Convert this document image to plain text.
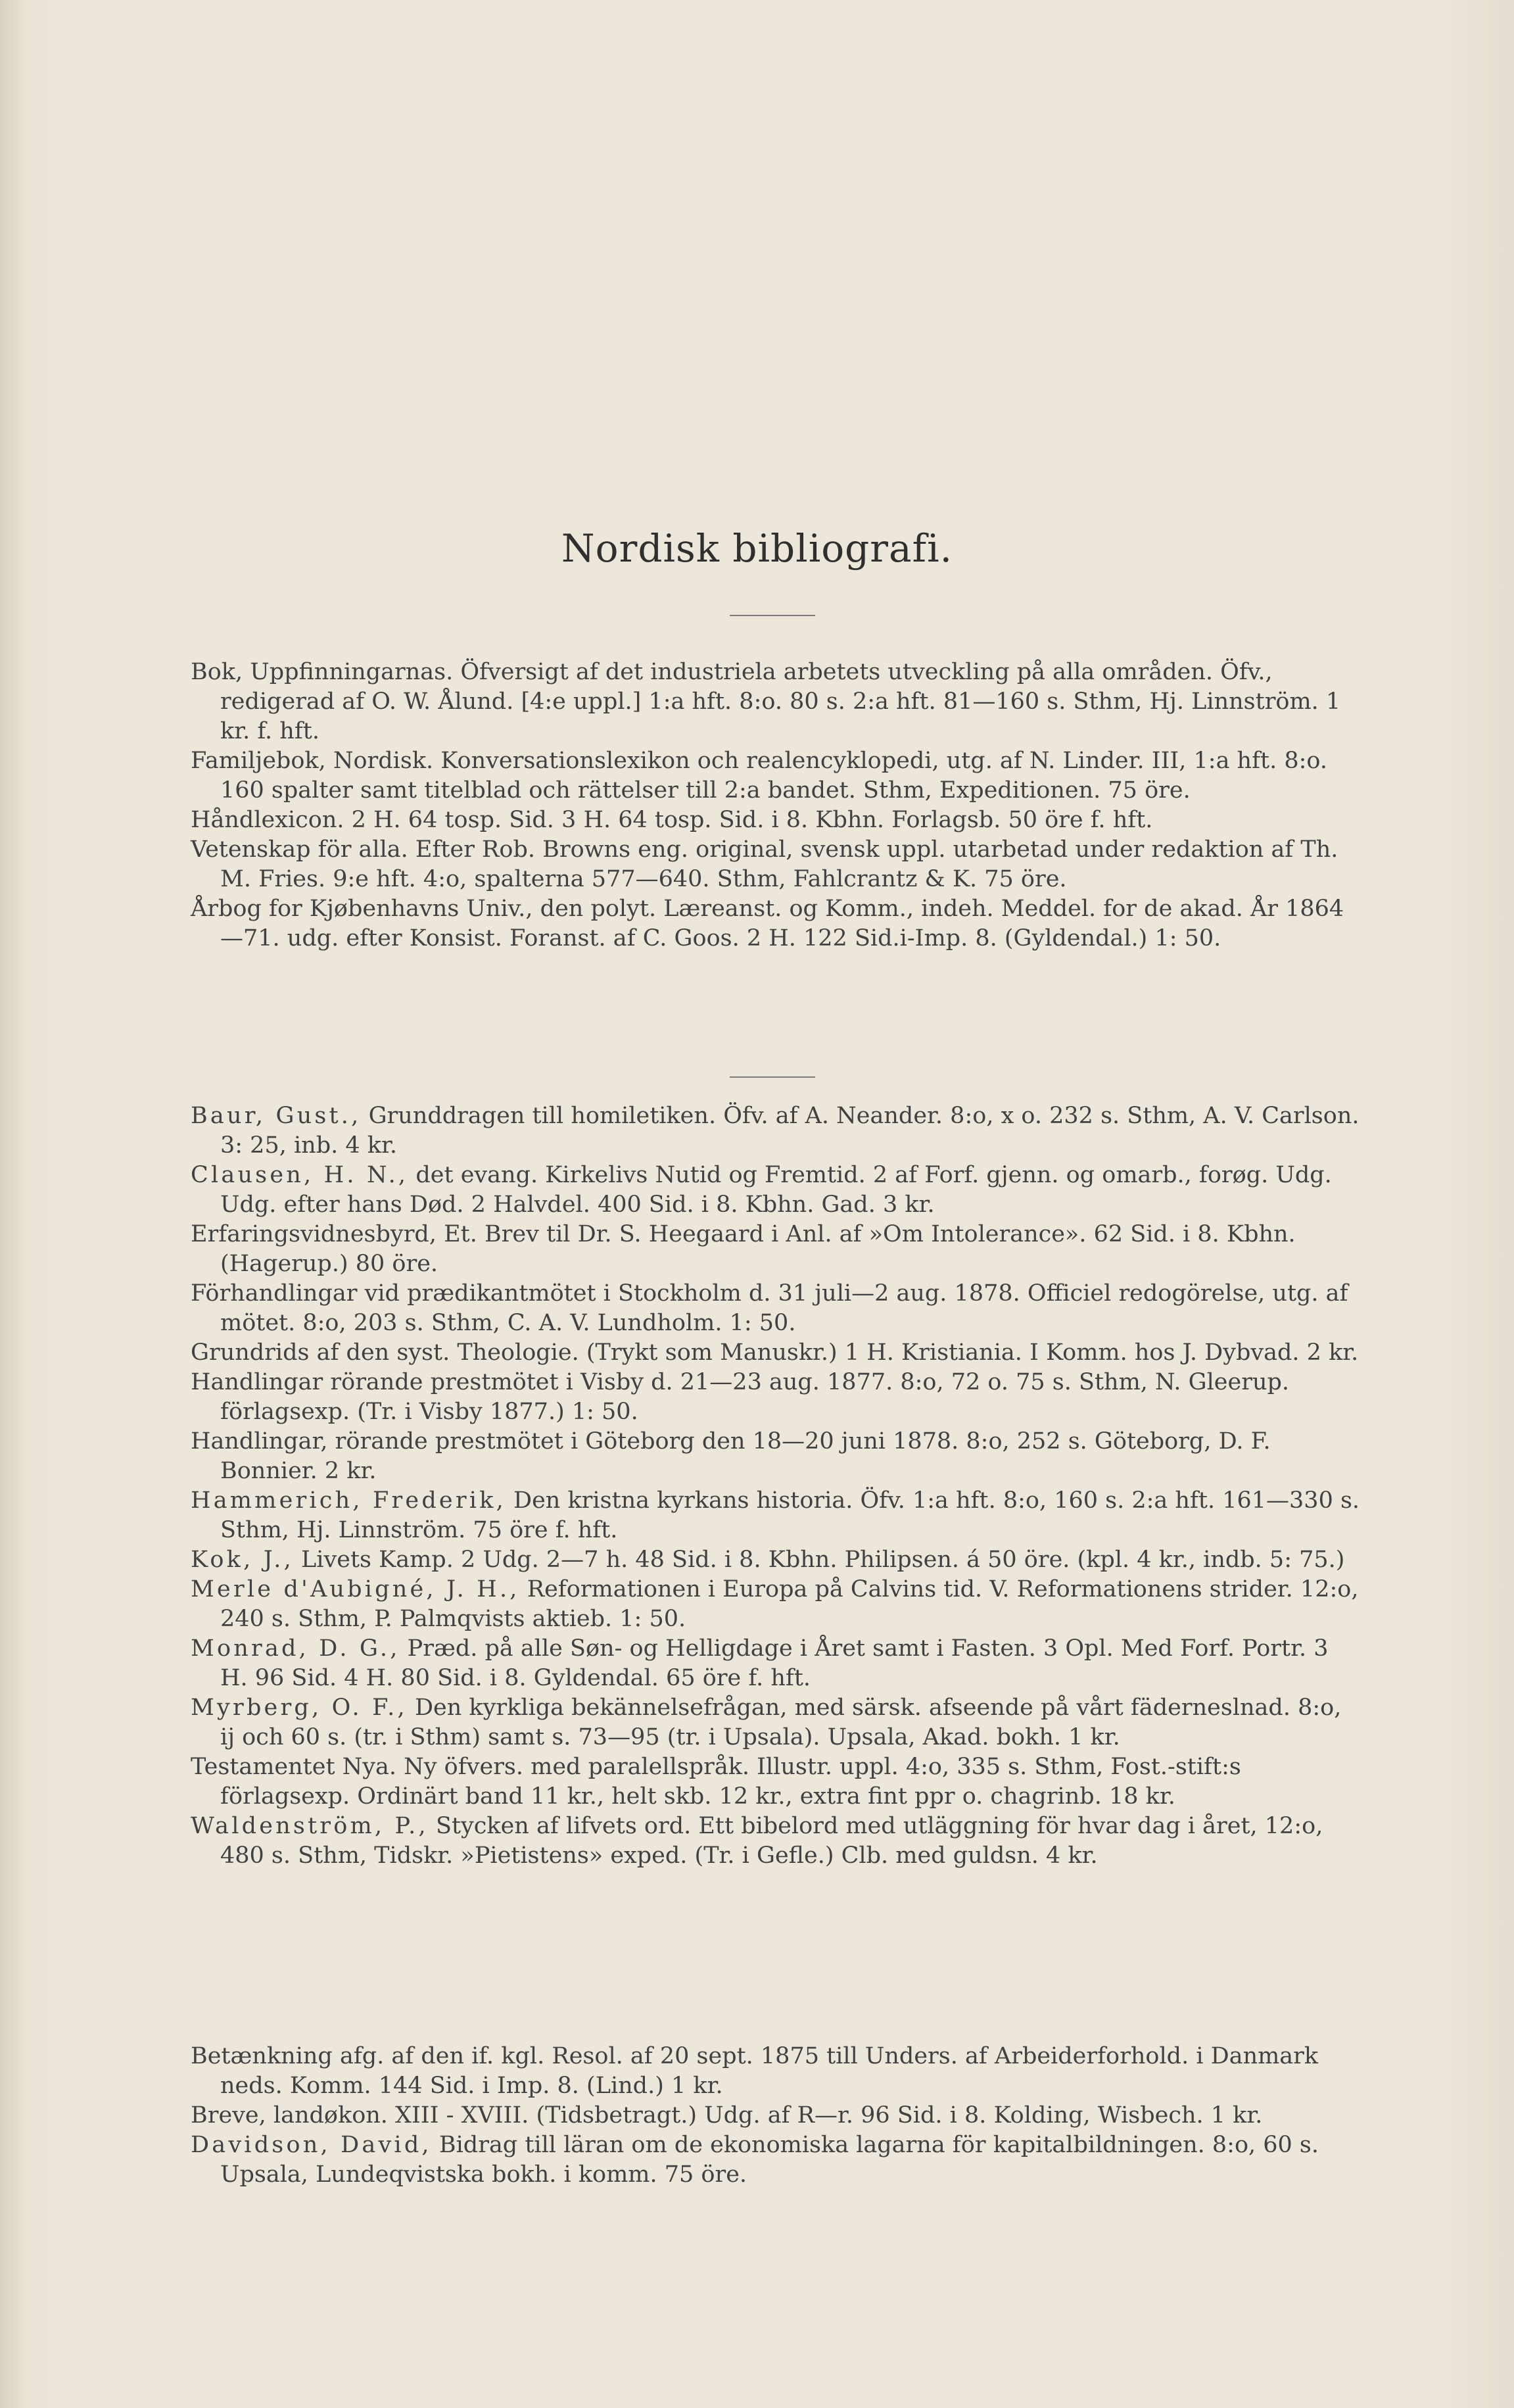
Nordisk bibliografi.
Bok, Uppfinningarnas. Öfversigt af det industriela arbetets utveckling på alla områden. Öfv., redigerad af O. W. Ålund. [4:e uppl.] 1:a hft. 8:o. 80 s. 2:a hft. 81—160 s. Sthm, Hj. Linnström. 1 kr. f. hft.
Familjebok, Nordisk. Konversationslexikon och realencyklopedi, utg. af N. Linder. III, 1:a hft. 8:o. 160 spalter samt titelblad och rättelser till 2:a bandet. Sthm, Expeditionen. 75 öre.
Håndlexicon. 2 H. 64 tosp. Sid. 3 H. 64 tosp. Sid. i 8. Kbhn. Forlagsb. 50 öre f. hft.
Vetenskap för alla. Efter Rob. Browns eng. original, svensk uppl. utarbetad under redaktion af Th. M. Fries. 9:e hft. 4:o, spalterna 577—640. Sthm, Fahlcrantz & K. 75 öre.
Årbog for Kjøbenhavns Univ., den polyt. Læreanst. og Komm., indeh. Meddel. for de akad. År 1864—71. udg. efter Konsist. Foranst. af C. Goos. 2 H. 122 Sid.i-Imp. 8. (Gyldendal.) 1: 50.
Baur, Gust., Grunddragen till homiletiken. Öfv. af A. Neander. 8:o, x o. 232 s. Sthm, A. V. Carlson. 3: 25, inb. 4 kr.
Clausen, H. N., det evang. Kirkelivs Nutid og Fremtid. 2 af Forf. gjenn. og omarb., forøg. Udg. Udg. efter hans Død. 2 Halvdel. 400 Sid. i 8. Kbhn. Gad. 3 kr.
Erfaringsvidnesbyrd, Et. Brev til Dr. S. Heegaard i Anl. af »Om Intolerance». 62 Sid. i 8. Kbhn. (Hagerup.) 80 öre.
Förhandlingar vid prædikantmötet i Stockholm d. 31 juli—2 aug. 1878. Officiel redogörelse, utg. af mötet. 8:o, 203 s. Sthm, C. A. V. Lundholm. 1: 50.
Grundrids af den syst. Theologie. (Trykt som Manuskr.) 1 H. Kristiania. I Komm. hos J. Dybvad. 2 kr.
Handlingar rörande prestmötet i Visby d. 21—23 aug. 1877. 8:o, 72 o. 75 s. Sthm, N. Gleerup. förlagsexp. (Tr. i Visby 1877.) 1: 50.
Handlingar, rörande prestmötet i Göteborg den 18—20 juni 1878. 8:o, 252 s. Göteborg, D. F. Bonnier. 2 kr.
Hammerich, Frederik, Den kristna kyrkans historia. Öfv. 1:a hft. 8:o, 160 s. 2:a hft. 161—330 s. Sthm, Hj. Linnström. 75 öre f. hft.
Kok, J., Livets Kamp. 2 Udg. 2—7 h. 48 Sid. i 8. Kbhn. Philipsen. á 50 öre. (kpl. 4 kr., indb. 5: 75.)
Merle d'Aubigné, J. H., Reformationen i Europa på Calvins tid. V. Reformationens strider. 12:o, 240 s. Sthm, P. Palmqvists aktieb. 1: 50.
Monrad, D. G., Præd. på alle Søn- og Helligdage i Året samt i Fasten. 3 Opl. Med Forf. Portr. 3 H. 96 Sid. 4 H. 80 Sid. i 8. Gyldendal. 65 öre f. hft.
Myrberg, O. F., Den kyrkliga bekännelsefrågan, med särsk. afseende på vårt fäderneslnad. 8:o, ij och 60 s. (tr. i Sthm) samt s. 73—95 (tr. i Upsala). Upsala, Akad. bokh. 1 kr.
Testamentet Nya. Ny öfvers. med paralellspråk. Illustr. uppl. 4:o, 335 s. Sthm, Fost.-stift:s förlagsexp. Ordinärt band 11 kr., helt skb. 12 kr., extra fint ppr o. chagrinb. 18 kr.
Waldenström, P., Stycken af lifvets ord. Ett bibelord med utläggning för hvar dag i året, 12:o, 480 s. Sthm, Tidskr. »Pietistens» exped. (Tr. i Gefle.) Clb. med guldsn. 4 kr.
Betænkning afg. af den if. kgl. Resol. af 20 sept. 1875 till Unders. af Arbeiderforhold. i Danmark neds. Komm. 144 Sid. i Imp. 8. (Lind.) 1 kr.
Breve, landøkon. XIII - XVIII. (Tidsbetragt.) Udg. af R—r. 96 Sid. i 8. Kolding, Wisbech. 1 kr.
Davidson, David, Bidrag till läran om de ekonomiska lagarna för kapitalbildningen. 8:o, 60 s. Upsala, Lundeqvistska bokh. i komm. 75 öre.
